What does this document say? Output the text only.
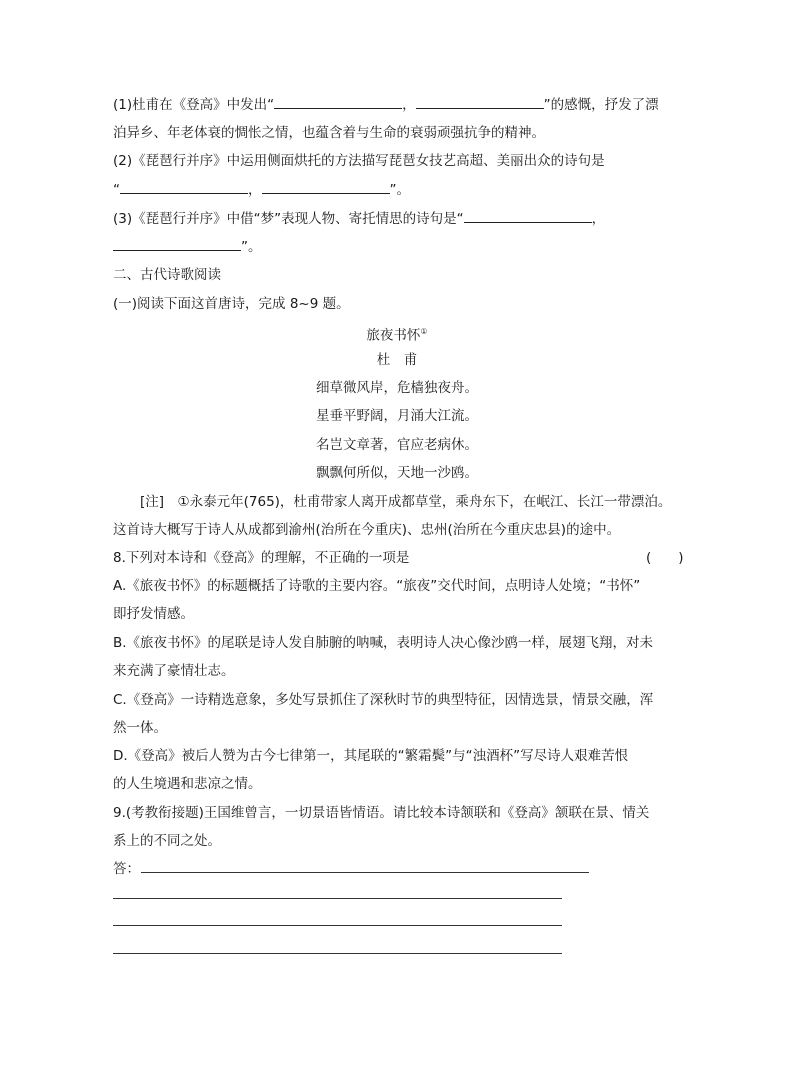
(1)杜甫在《登高》中发出“	，	”的感慨，抒发了漂
泊异乡、年老体衰的惆怅之情，也蕴含着与生命的衰弱顽强抗争的精神。
(2)《琵琶行并序》中运用侧面烘托的方法描写琵琶女技艺高超、美丽出众的诗句是
“	，	”。
(3)《琵琶行并序》中借“梦”表现人物、寄托情思的诗句是“	，
”。
二、古代诗歌阅读
(一)阅读下面这首唐诗，完成 8~9 题。
旅夜书怀①
杜　甫
细草微风岸，危樯独夜舟。
星垂平野阔，月涌大江流。
名岂文章著，官应老病休。
飘飘何所似，天地一沙鸥。
[注]　①永泰元年(765)，杜甫带家人离开成都草堂，乘舟东下，在岷江、长江一带漂泊。
这首诗大概写于诗人从成都到渝州(治所在今重庆)、忠州(治所在今重庆忠县)的途中。
8.下列对本诗和《登高》的理解，不正确的一项是	(　　)
A.《旅夜书怀》的标题概括了诗歌的主要内容。“旅夜”交代时间，点明诗人处境；“书怀”
即抒发情感。
B.《旅夜书怀》的尾联是诗人发自肺腑的呐喊，表明诗人决心像沙鸥一样，展翅飞翔，对未
来充满了豪情壮志。
C.《登高》一诗精选意象，多处写景抓住了深秋时节的典型特征，因情选景，情景交融，浑
然一体。
D.《登高》被后人赞为古今七律第一，其尾联的“繁霜鬓”与“浊酒杯”写尽诗人艰难苦恨
的人生境遇和悲凉之情。
9.(考教衔接题)王国维曾言，一切景语皆情语。请比较本诗颔联和《登高》颔联在景、情关
系上的不同之处。
答：
